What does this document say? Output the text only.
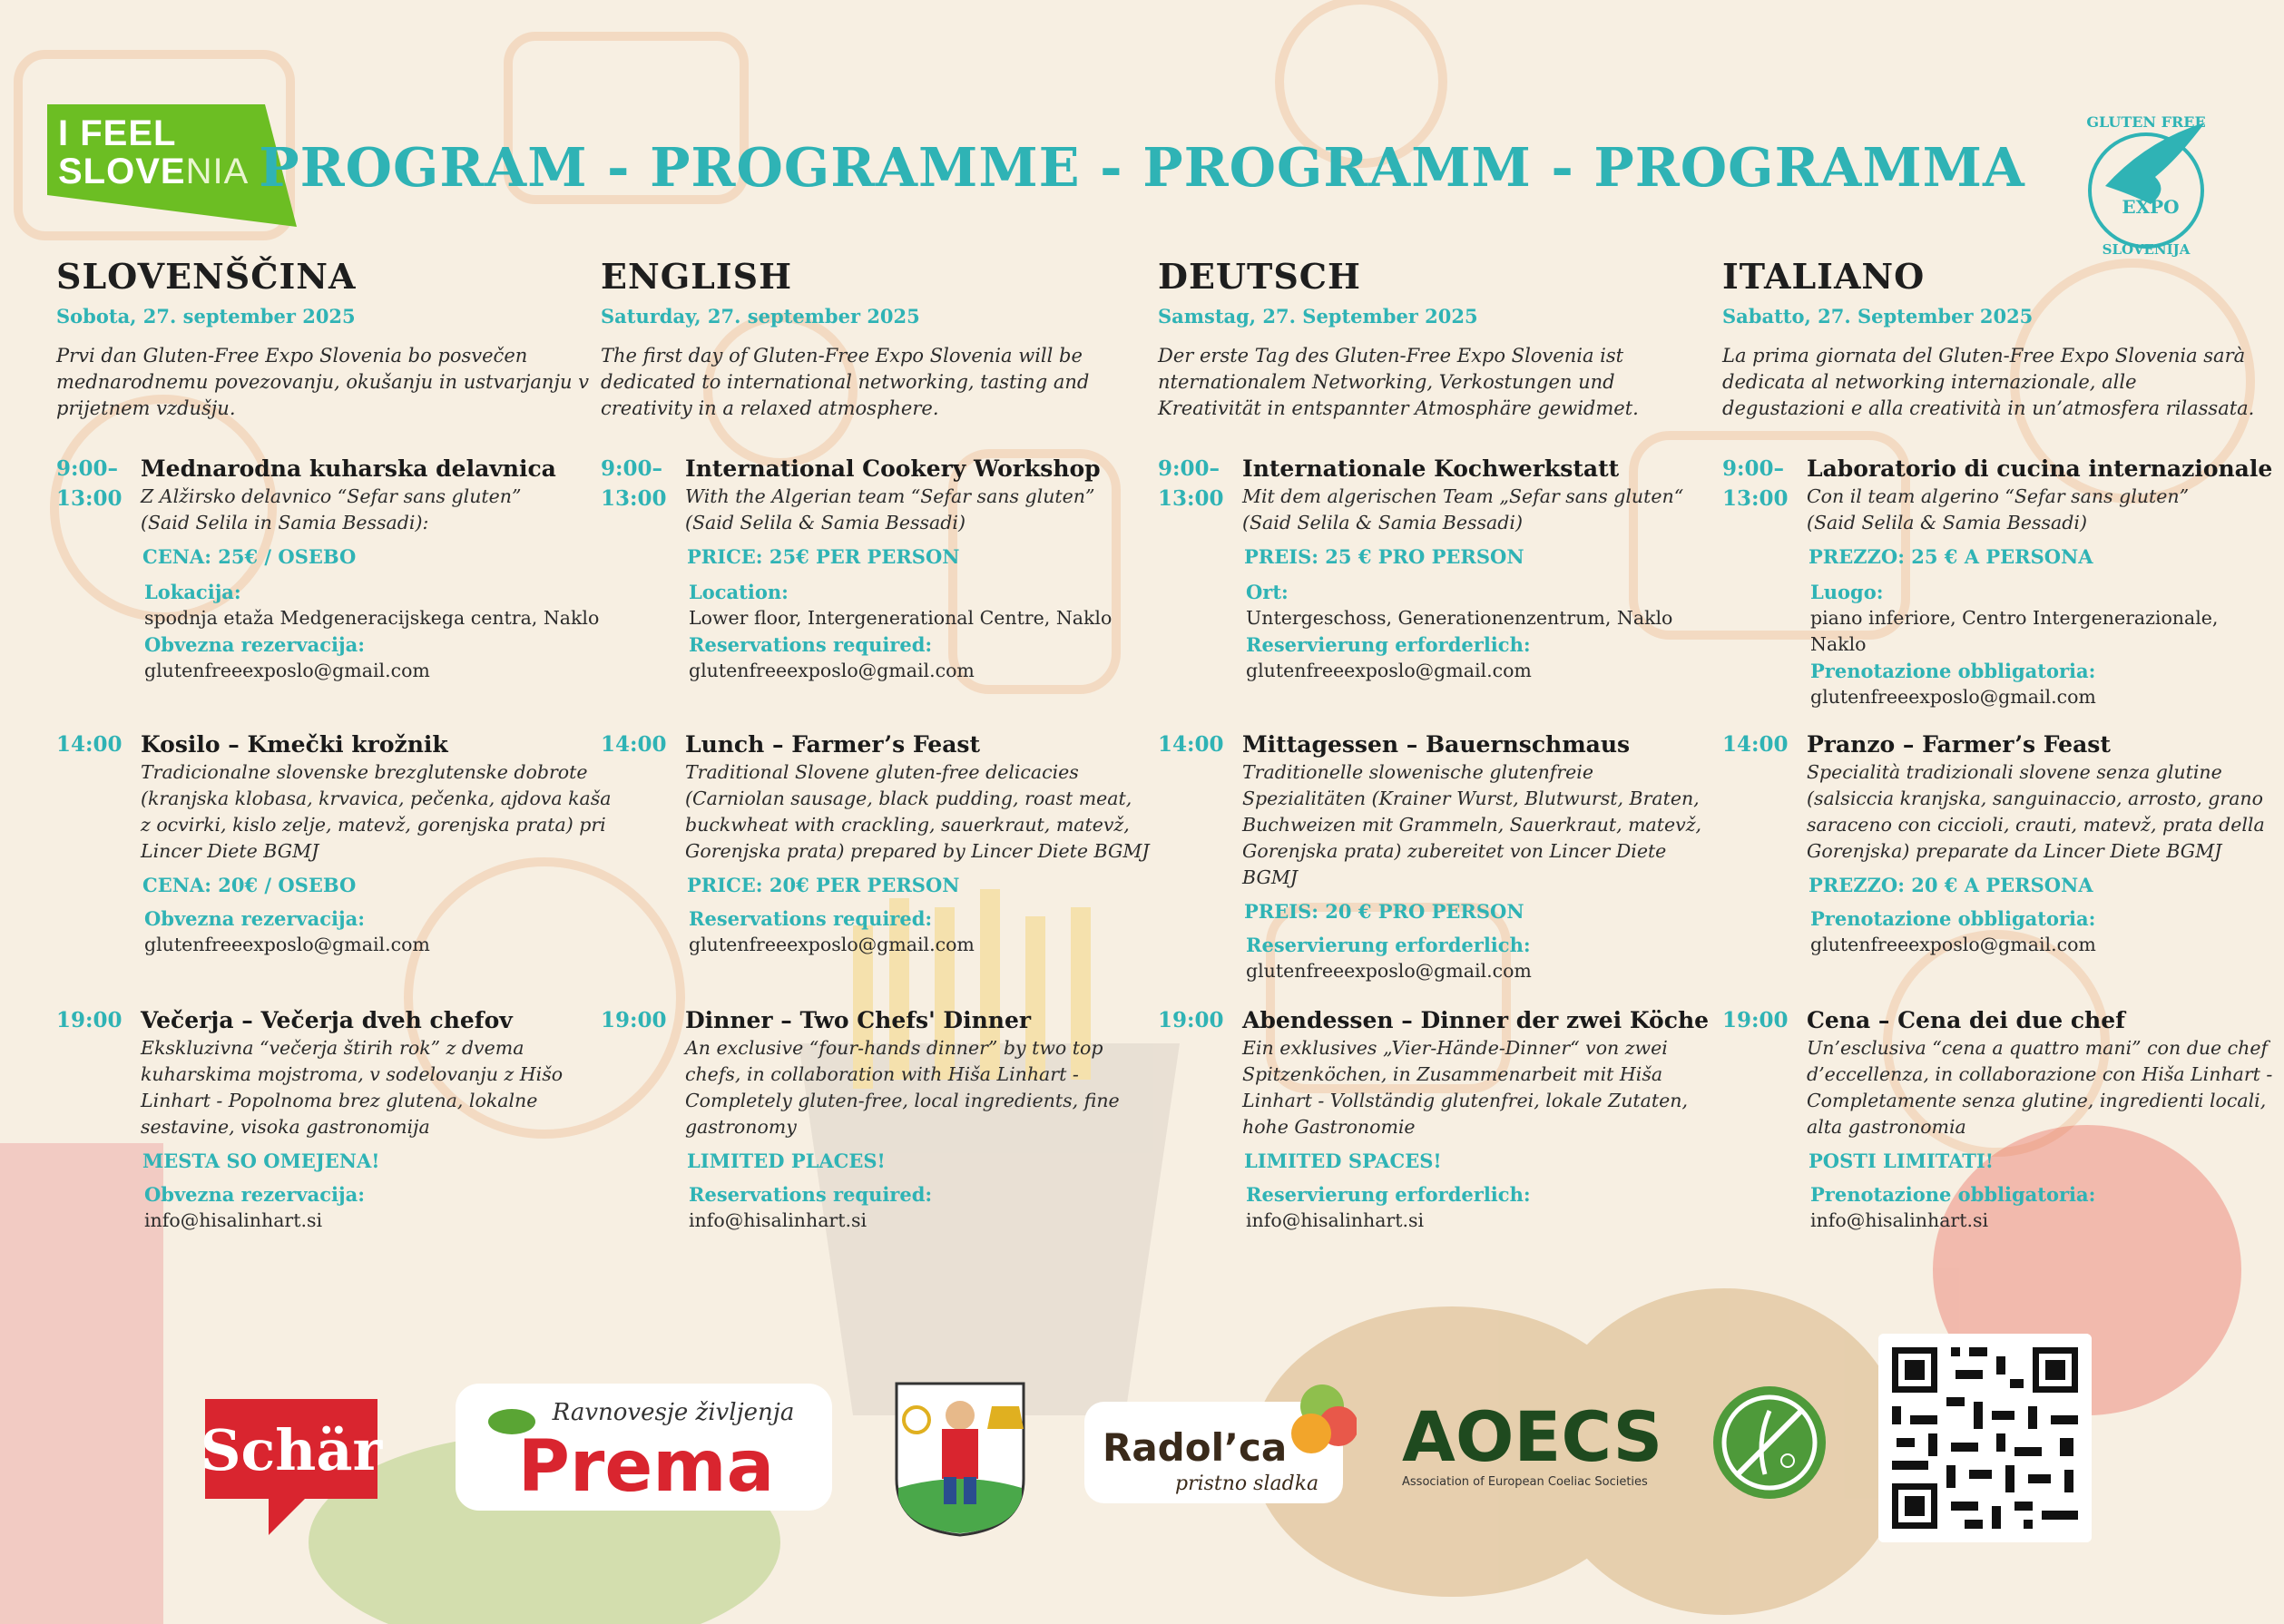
I FEEL
SLOVENIA PROGRAM - PROGRAMME - PROGRAMM - PROGRAMMA
GLUTEN FREE
EXPO
SLOVENIJA
SLOVENŠČINA
Sobota, 27. september 2025
Prvi dan Gluten-Free Expo Slovenia bo posvečen mednarodnemu povezovanju, okušanju in ustvarjanju v prijetnem vzdušju.
9:00–
13:00
Mednarodna kuharska delavnica
Z Alžirsko delavnico “Sefar sans gluten”
(Said Selila in Samia Bessadi):
CENA: 25€ / OSEBO
Lokacija:
spodnja etaža Medgeneracijskega centra, Naklo
Obvezna rezervacija:
glutenfreeexposlo@gmail.com
14:00 Kosilo – Kmečki krožnik
Tradicionalne slovenske brezglutenske dobrote (kranjska klobasa, krvavica, pečenka, ajdova kaša z ocvirki, kislo zelje, matevž, gorenjska prata) pri Lincer Diete BGMJ
CENA: 20€ / OSEBO
Obvezna rezervacija:
glutenfreeexposlo@gmail.com
19:00 Večerja – Večerja dveh chefov
Ekskluzivna “večerja štirih rok” z dvema kuharskima mojstroma, v sodelovanju z Hišo Linhart - Popolnoma brez glutena, lokalne sestavine, visoka gastronomija
MESTA SO OMEJENA!
Obvezna rezervacija:
info@hisalinhart.si
ENGLISH
Saturday, 27. september 2025
The first day of Gluten-Free Expo Slovenia will be dedicated to international networking, tasting and creativity in a relaxed atmosphere.
9:00–
13:00
International Cookery Workshop
With the Algerian team “Sefar sans gluten”
(Said Selila & Samia Bessadi)
PRICE: 25€ PER PERSON
Location:
Lower floor, Intergenerational Centre, Naklo
Reservations required:
glutenfreeexposlo@gmail.com
14:00 Lunch – Farmer’s Feast
Traditional Slovene gluten-free delicacies (Carniolan sausage, black pudding, roast meat, buckwheat with crackling, sauerkraut, matevž, Gorenjska prata) prepared by Lincer Diete BGMJ
PRICE: 20€ PER PERSON
Reservations required:
glutenfreeexposlo@gmail.com
19:00 Dinner – Two Chefs' Dinner
An exclusive “four-hands dinner” by two top chefs, in collaboration with Hiša Linhart - Completely gluten-free, local ingredients, fine gastronomy
LIMITED PLACES!
Reservations required:
info@hisalinhart.si
DEUTSCH
Samstag, 27. September 2025
Der erste Tag des Gluten-Free Expo Slovenia ist nternationalem Networking, Verkostungen und Kreativität in entspannter Atmosphäre gewidmet.
9:00–
13:00
Internationale Kochwerkstatt
Mit dem algerischen Team „Sefar sans gluten“
(Said Selila & Samia Bessadi)
PREIS: 25 € PRO PERSON
Ort:
Untergeschoss, Generationenzentrum, Naklo
Reservierung erforderlich:
glutenfreeexposlo@gmail.com
14:00 Mittagessen – Bauernschmaus
Traditionelle slowenische glutenfreie Spezialitäten (Krainer Wurst, Blutwurst, Braten, Buchweizen mit Grammeln, Sauerkraut, matevž, Gorenjska prata) zubereitet von Lincer Diete BGMJ
PREIS: 20 € PRO PERSON
Reservierung erforderlich:
glutenfreeexposlo@gmail.com
19:00 Abendessen – Dinner der zwei Köche
Ein exklusives „Vier-Hände-Dinner“ von zwei Spitzenköchen, in Zusammenarbeit mit Hiša Linhart - Vollständig glutenfrei, lokale Zutaten, hohe Gastronomie
LIMITED SPACES!
Reservierung erforderlich:
info@hisalinhart.si
ITALIANO
Sabatto, 27. September 2025
La prima giornata del Gluten-Free Expo Slovenia sarà dedicata al networking internazionale, alle degustazioni e alla creatività in un’atmosfera rilassata.
9:00–
13:00
Laboratorio di cucina internazionale
Con il team algerino “Sefar sans gluten”
(Said Selila & Samia Bessadi)
PREZZO: 25 € A PERSONA
Luogo:
piano inferiore, Centro Intergenerazionale, Naklo
Prenotazione obbligatoria:
glutenfreeexposlo@gmail.com
14:00 Pranzo – Farmer’s Feast
Specialità tradizionali slovene senza glutine (salsiccia kranjska, sanguinaccio, arrosto, grano saraceno con ciccioli, crauti, matevž, prata della Gorenjska) preparate da Lincer Diete BGMJ
PREZZO: 20 € A PERSONA
Prenotazione obbligatoria:
glutenfreeexposlo@gmail.com
19:00 Cena – Cena dei due chef
Un’esclusiva “cena a quattro mani” con due chef d’eccellenza, in collaborazione con Hiša Linhart - Completamente senza glutine, ingredienti locali, alta gastronomia
POSTI LIMITATI!
Prenotazione obbligatoria:
info@hisalinhart.si
Schär
Ravnovesje življenja
Prema	Radol’ca
pristno sladka
AOECS
Association of European Coeliac Societies
